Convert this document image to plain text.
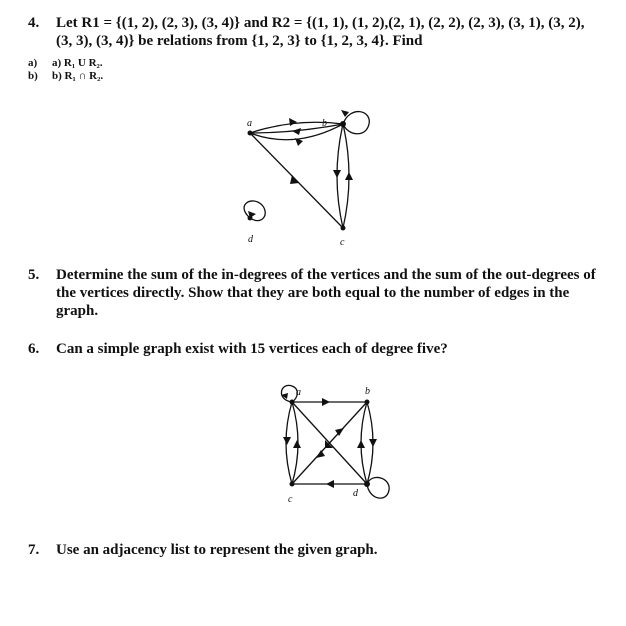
4. Let R1 = {(1, 2), (2, 3), (3, 4)} and R2 = {(1, 1), (1, 2),(2, 1), (2, 2), (2, 3), (3, 1), (3, 2), (3, 3), (3, 4)} be relations from {1, 2, 3} to {1, 2, 3, 4}. Find
a) a) R₁ U R₂.
b) b) R₁ ∩ R₂.
a	b
c
d
a	b
c
d
5. Determine the sum of the in-degrees of the vertices and the sum of the out-degrees of the vertices directly. Show that they are both equal to the number of edges in the graph.
6. Can a simple graph exist with 15 vertices each of degree five?
7. Use an adjacency list to represent the given graph.
